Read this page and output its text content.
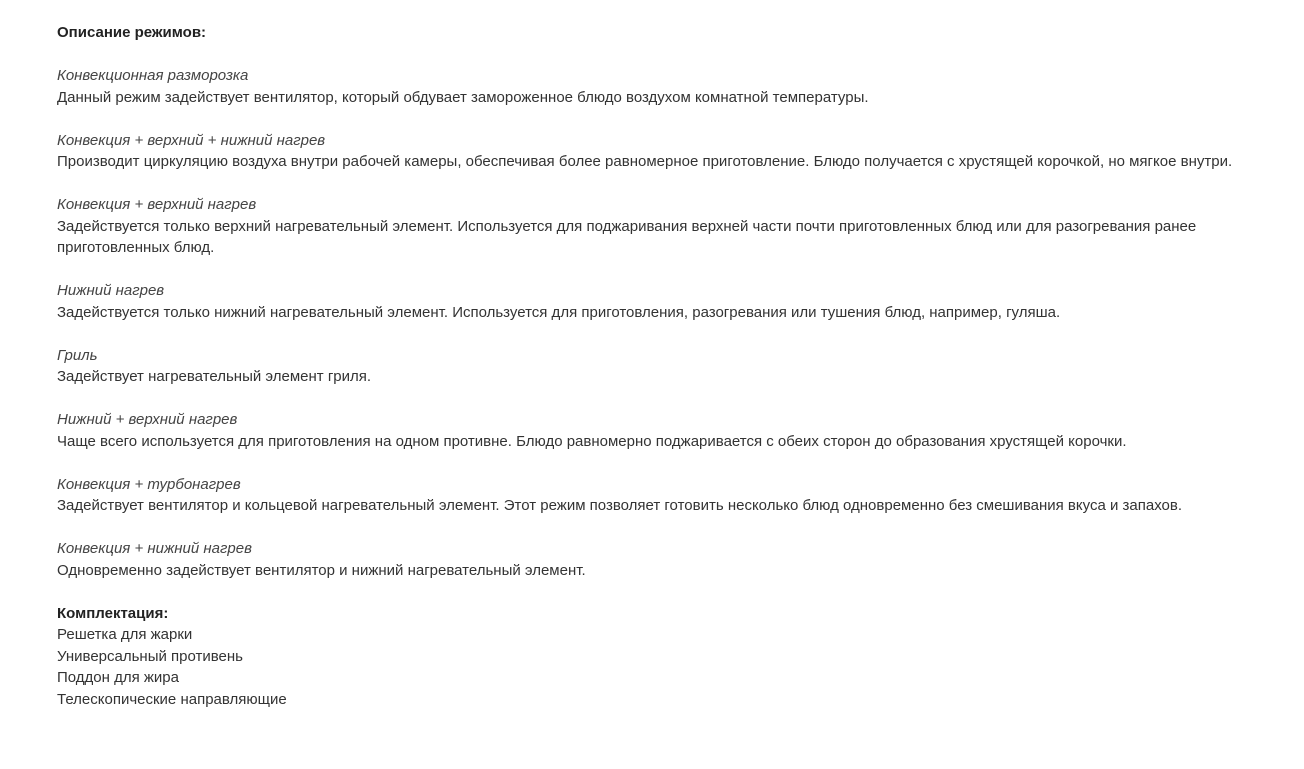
Описание режимов:

Конвекционная разморозка

Данный режим задействует вентилятор, который обдувает замороженное блюдо воздухом комнатной температуры.

Конвекция + верхний + нижний нагрев

Производит циркуляцию воздуха внутри рабочей камеры, обеспечивая более равномерное приготовление. Блюдо получается с хрустящей корочкой, но мягкое внутри.

Конвекция + верхний нагрев

Задействуется только верхний нагревательный элемент. Используется для поджаривания верхней части почти приготовленных блюд или для разогревания ранее приготовленных блюд.

Нижний нагрев

Задействуется только нижний нагревательный элемент. Используется для приготовления, разогревания или тушения блюд, например, гуляша.

Гриль

Задействует нагревательный элемент гриля.

Нижний + верхний нагрев

Чаще всего используется для приготовления на одном противне. Блюдо равномерно поджаривается с обеих сторон до образования хрустящей корочки.

Конвекция + турбонагрев

Задействует вентилятор и кольцевой нагревательный элемент. Этот режим позволяет готовить несколько блюд одновременно без смешивания вкуса и запахов.

Конвекция + нижний нагрев

Одновременно задействует вентилятор и нижний нагревательный элемент.

Комплектация:

Решетка для жарки
Универсальный противень
Поддон для жира
Телескопические направляющие
